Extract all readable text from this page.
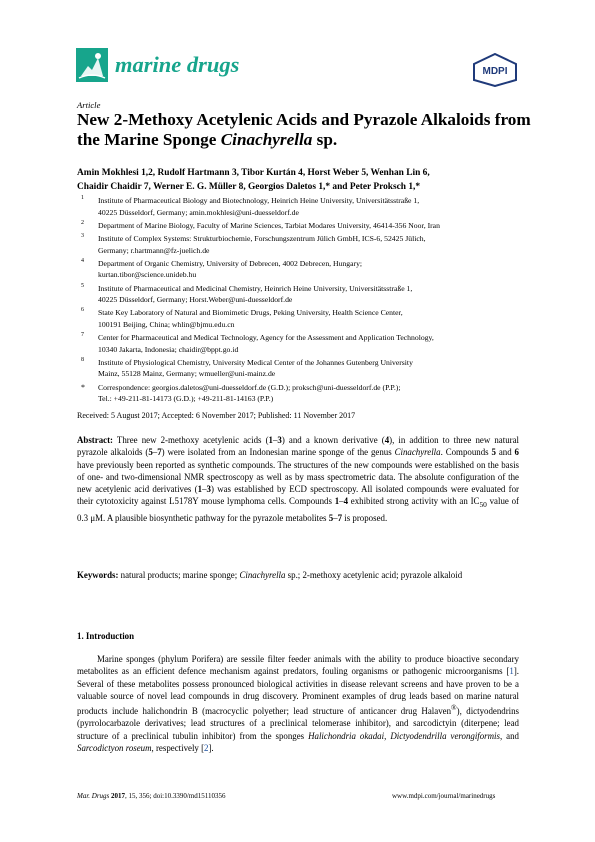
marine drugs	MDPI
Article
New 2-Methoxy Acetylenic Acids and Pyrazole Alkaloids from the Marine Sponge Cinachyrella sp.
Amin Mokhlesi 1,2, Rudolf Hartmann 3, Tibor Kurtán 4, Horst Weber 5, Wenhan Lin 6,
Chaidir Chaidir 7, Werner E. G. Müller 8, Georgios Daletos 1,* and Peter Proksch 1,*
1 Institute of Pharmaceutical Biology and Biotechnology, Heinrich Heine University, Universitätsstraße 1,
40225 Düsseldorf, Germany; amin.mokhlesi@uni-duesseldorf.de
2 Department of Marine Biology, Faculty of Marine Sciences, Tarbiat Modares University, 46414-356 Noor, Iran
3 Institute of Complex Systems: Strukturbiochemie, Forschungszentrum Jülich GmbH, ICS-6, 52425 Jülich,
Germany; r.hartmann@fz-juelich.de
4 Department of Organic Chemistry, University of Debrecen, 4002 Debrecen, Hungary;
kurtan.tibor@science.unideb.hu
5 Institute of Pharmaceutical and Medicinal Chemistry, Heinrich Heine University, Universitätsstraße 1,
40225 Düsseldorf, Germany; Horst.Weber@uni-duesseldorf.de
6 State Key Laboratory of Natural and Biomimetic Drugs, Peking University, Health Science Center,
100191 Beijing, China; whlin@bjmu.edu.cn
7 Center for Pharmaceutical and Medical Technology, Agency for the Assessment and Application Technology,
10340 Jakarta, Indonesia; chaidir@bppt.go.id
8 Institute of Physiological Chemistry, University Medical Center of the Johannes Gutenberg University
Mainz, 55128 Mainz, Germany; wmueller@uni-mainz.de
* Correspondence: georgios.daletos@uni-duesseldorf.de (G.D.); proksch@uni-duesseldorf.de (P.P.);
Tel.: +49-211-81-14173 (G.D.); +49-211-81-14163 (P.P.)
Received: 5 August 2017; Accepted: 6 November 2017; Published: 11 November 2017
Abstract: Three new 2-methoxy acetylenic acids (1–3) and a known derivative (4), in addition to three new natural pyrazole alkaloids (5–7) were isolated from an Indonesian marine sponge of the genus Cinachyrella. Compounds 5 and 6 have previously been reported as synthetic compounds. The structures of the new compounds were established on the basis of one- and two-dimensional NMR spectroscopy as well as by mass spectrometric data. The absolute configuration of the new acetylenic acid derivatives (1–3) was established by ECD spectroscopy. All isolated compounds were evaluated for their cytotoxicity against L5178Y mouse lymphoma cells. Compounds 1–4 exhibited strong activity with an $IC_{50}$ value of 0.3 μM. A plausible biosynthetic pathway for the pyrazole metabolites 5–7 is proposed.
Keywords: natural products; marine sponge; Cinachyrella sp.; 2-methoxy acetylenic acid; pyrazole alkaloid
1. Introduction
Marine sponges (phylum Porifera) are sessile filter feeder animals with the ability to produce bioactive secondary metabolites as an efficient defence mechanism against predators, fouling organisms or pathogenic microorganisms [1]. Several of these metabolites possess pronounced biological activities in disease relevant screens and have proven to be a valuable source of novel lead compounds in drug discovery. Prominent examples of drug leads based on marine natural products include halichondrin B (macrocyclic polyether; lead structure of anticancer drug Halaven®), dictyodendrins (pyrrolocarbazole derivatives; lead structures of a preclinical telomerase inhibitor), and sarcodictyin (diterpene; lead structure of a preclinical tubulin inhibitor) from the sponges Halichondria okadai, Dictyodendrilla verongiformis, and Sarcodictyon roseum, respectively [2].
Mar. Drugs 2017, 15, 356; doi:10.3390/md15110356	www.mdpi.com/journal/marinedrugs
